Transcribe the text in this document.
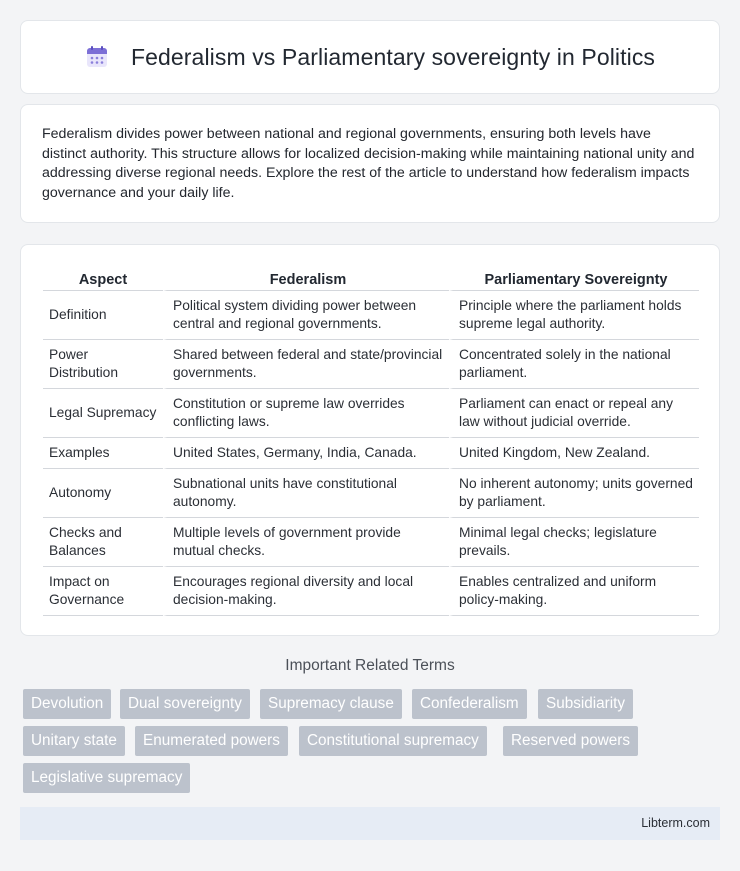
Federalism vs Parliamentary sovereignty in Politics

Federalism divides power between national and regional governments, ensuring both levels have distinct authority. This structure allows for localized decision-making while maintaining national unity and addressing diverse regional needs. Explore the rest of the article to understand how federalism impacts governance and your daily life.

Aspect	Federalism	Parliamentary Sovereignty
Definition	Political system dividing power between central and regional governments.	Principle where the parliament holds supreme legal authority.
Power Distribution	Shared between federal and state/provincial governments.	Concentrated solely in the national parliament.
Legal Supremacy	Constitution or supreme law overrides conflicting laws.	Parliament can enact or repeal any law without judicial override.
Examples	United States, Germany, India, Canada.	United Kingdom, New Zealand.
Autonomy	Subnational units have constitutional autonomy.	No inherent autonomy; units governed by parliament.
Checks and Balances	Multiple levels of government provide mutual checks.	Minimal legal checks; legislature prevails.
Impact on Governance	Encourages regional diversity and local decision-making.	Enables centralized and uniform policy-making.
Important Related Terms
Devolution	Dual sovereignty	Supremacy clause	Confederalism	Subsidiarity
Unitary state	Enumerated powers	Constitutional supremacy	Reserved powers
Legislative supremacy
Libterm.com
